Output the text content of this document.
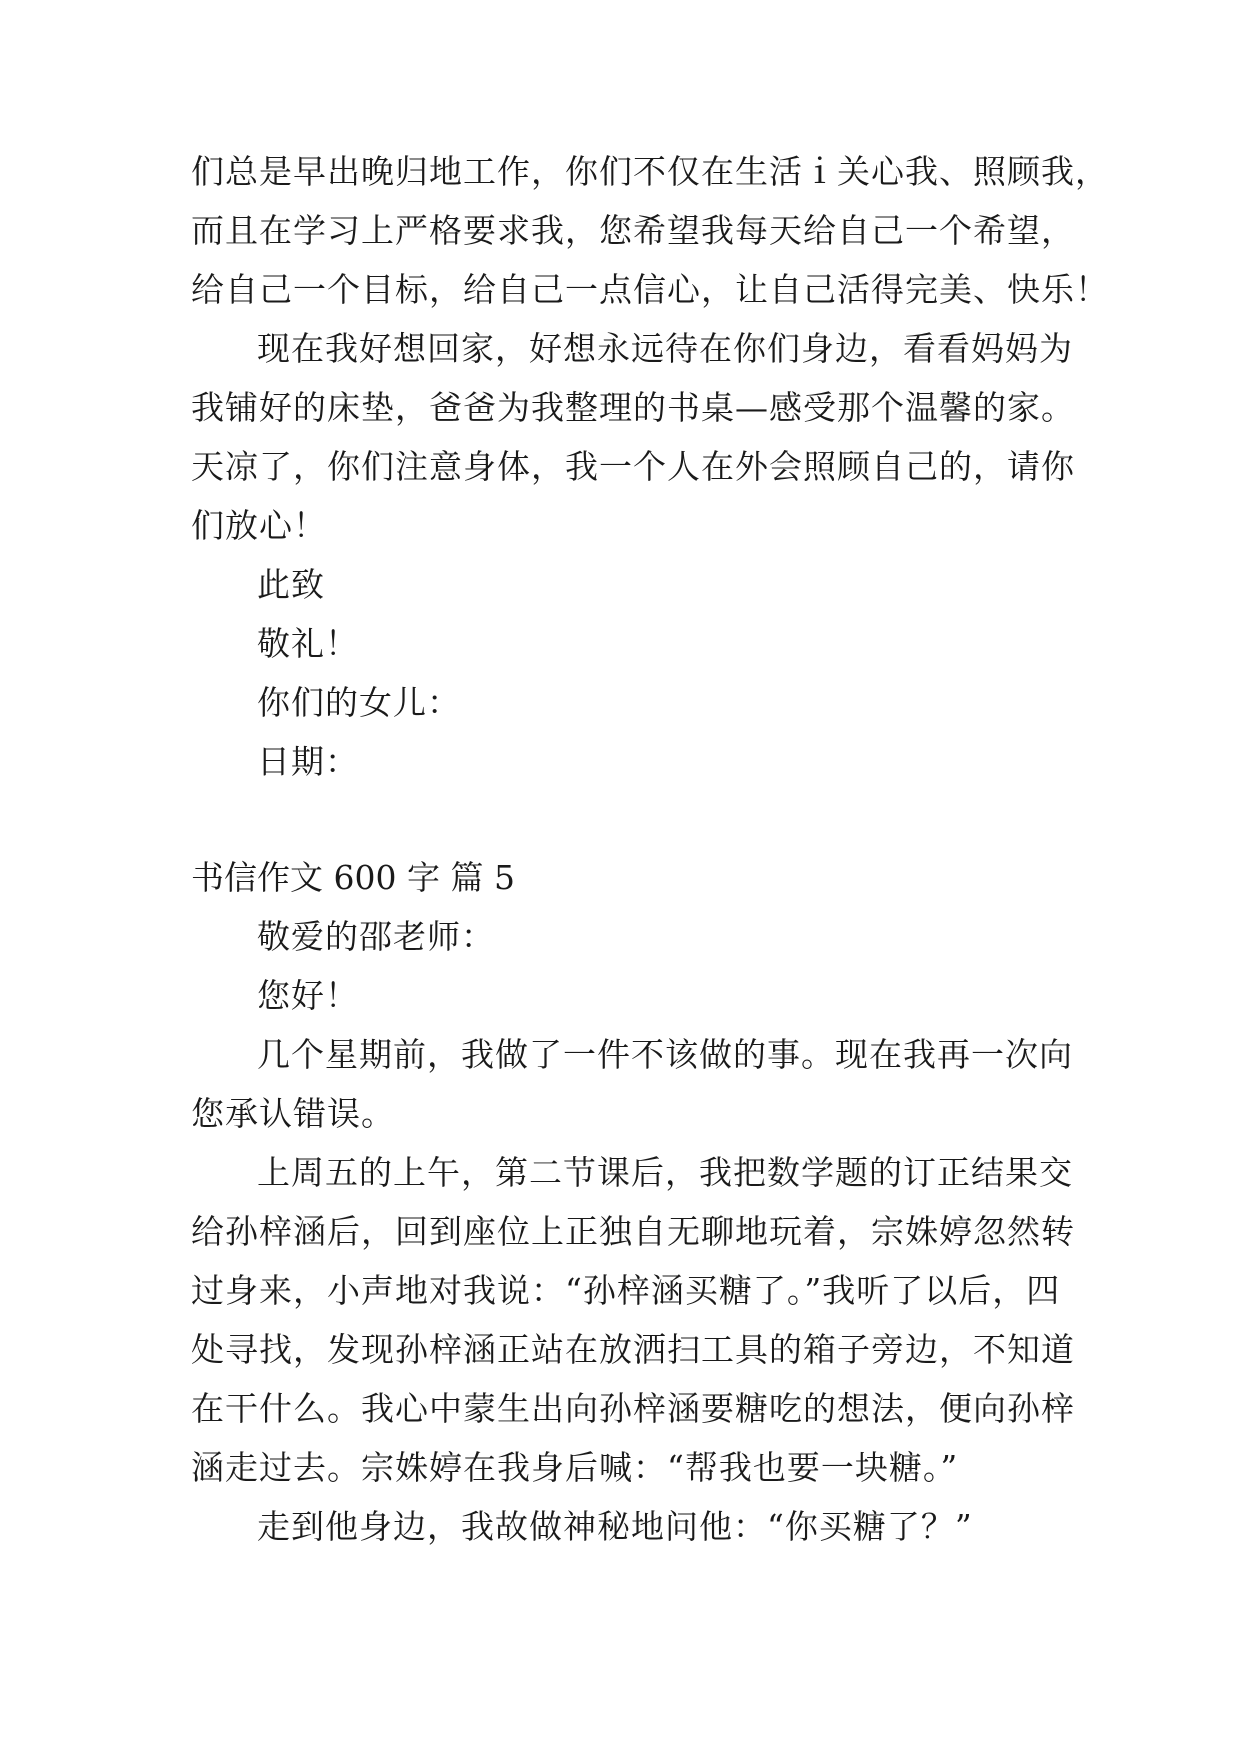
们总是早出晚归地工作，你们不仅在生活ｉ关心我、照顾我，
而且在学习上严格要求我，您希望我每天给自己一个希望，
给自己一个目标，给自己一点信心，让自己活得完美、快乐！
现在我好想回家，好想永远待在你们身边，看看妈妈为
我铺好的床垫，爸爸为我整理的书桌—感受那个温馨的家。
天凉了，你们注意身体，我一个人在外会照顾自己的，请你
们放心！
此致
敬礼！
你们的女儿：
日期：
书信作文 600 字 篇 5
敬爱的邵老师：
您好！
几个星期前，我做了一件不该做的事。现在我再一次向
您承认错误。
上周五的上午，第二节课后，我把数学题的订正结果交
给孙梓涵后，回到座位上正独自无聊地玩着，宗姝婷忽然转
过身来，小声地对我说：“孙梓涵买糖了。”我听了以后，四
处寻找，发现孙梓涵正站在放洒扫工具的箱子旁边，不知道
在干什么。我心中蒙生出向孙梓涵要糖吃的想法，便向孙梓
涵走过去。宗姝婷在我身后喊：“帮我也要一块糖。”
走到他身边，我故做神秘地问他：“你买糖了？”
